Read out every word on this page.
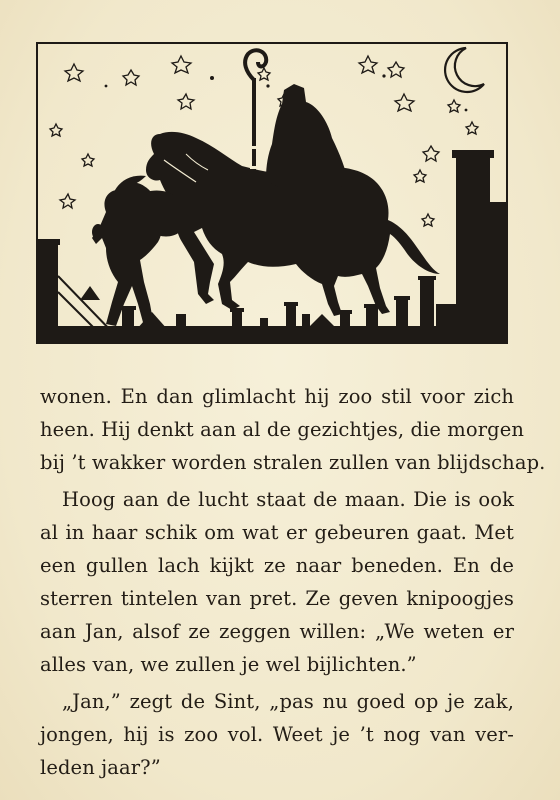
wonen. En dan glimlacht hij zoo stil voor zich
heen. Hij denkt aan al de gezichtjes, die morgen
bij ’t wakker worden stralen zullen van blijdschap.
Hoog aan de lucht staat de maan. Die is ook
al in haar schik om wat er gebeuren gaat. Met
een gullen lach kijkt ze naar beneden. En de
sterren tintelen van pret. Ze geven knipoogjes
aan Jan, alsof ze zeggen willen: „We weten er
alles van, we zullen je wel bijlichten.”
„Jan,” zegt de Sint, „pas nu goed op je zak,
jongen, hij is zoo vol. Weet je ’t nog van ver-
leden jaar?”
